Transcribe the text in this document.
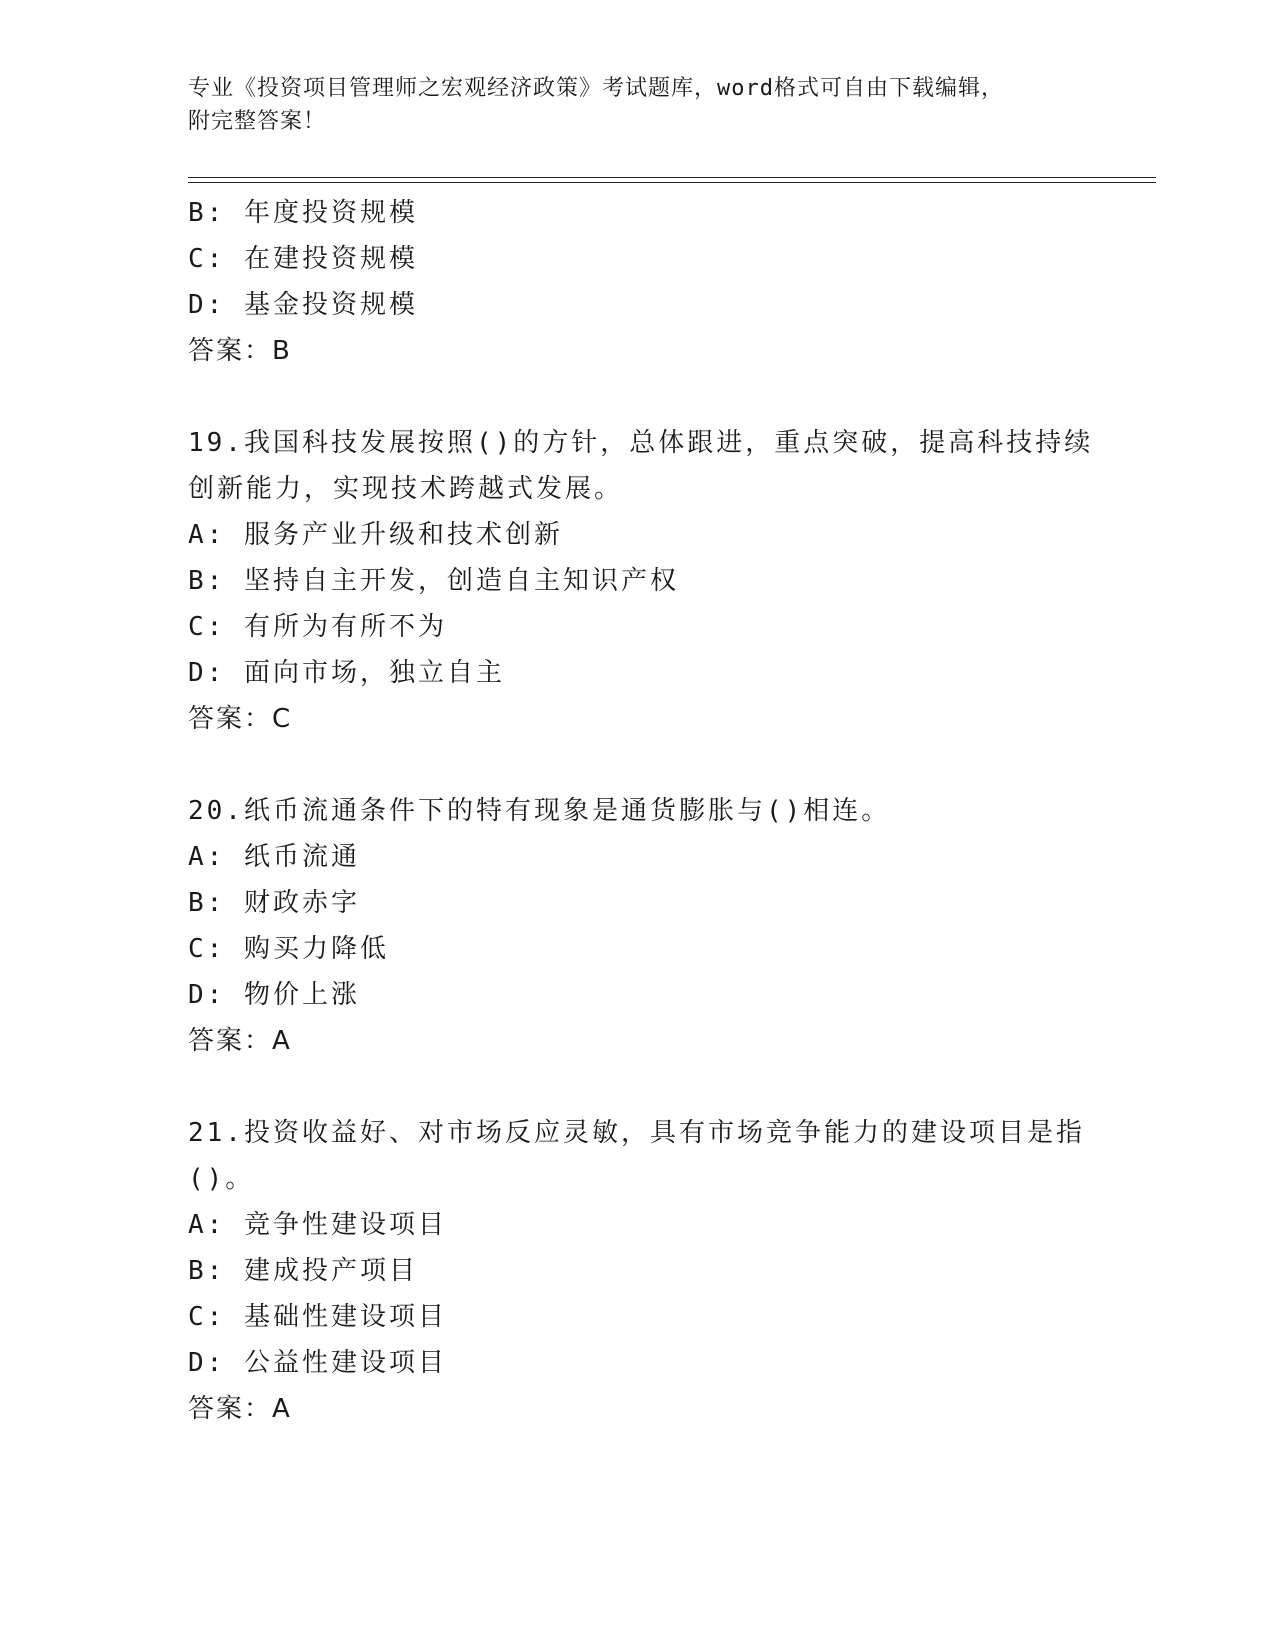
专业《投资项目管理师之宏观经济政策》考试题库，word格式可自由下载编辑，
附完整答案！
B: 年度投资规模
C: 在建投资规模
D: 基金投资规模
答案：B
19.我国科技发展按照()的方针，总体跟进，重点突破，提高科技持续
创新能力，实现技术跨越式发展。
A: 服务产业升级和技术创新
B: 坚持自主开发，创造自主知识产权
C: 有所为有所不为
D: 面向市场，独立自主
答案：C
20.纸币流通条件下的特有现象是通货膨胀与()相连。
A: 纸币流通
B: 财政赤字
C: 购买力降低
D: 物价上涨
答案：A
21.投资收益好、对市场反应灵敏，具有市场竞争能力的建设项目是指
()。
A: 竞争性建设项目
B: 建成投产项目
C: 基础性建设项目
D: 公益性建设项目
答案：A
